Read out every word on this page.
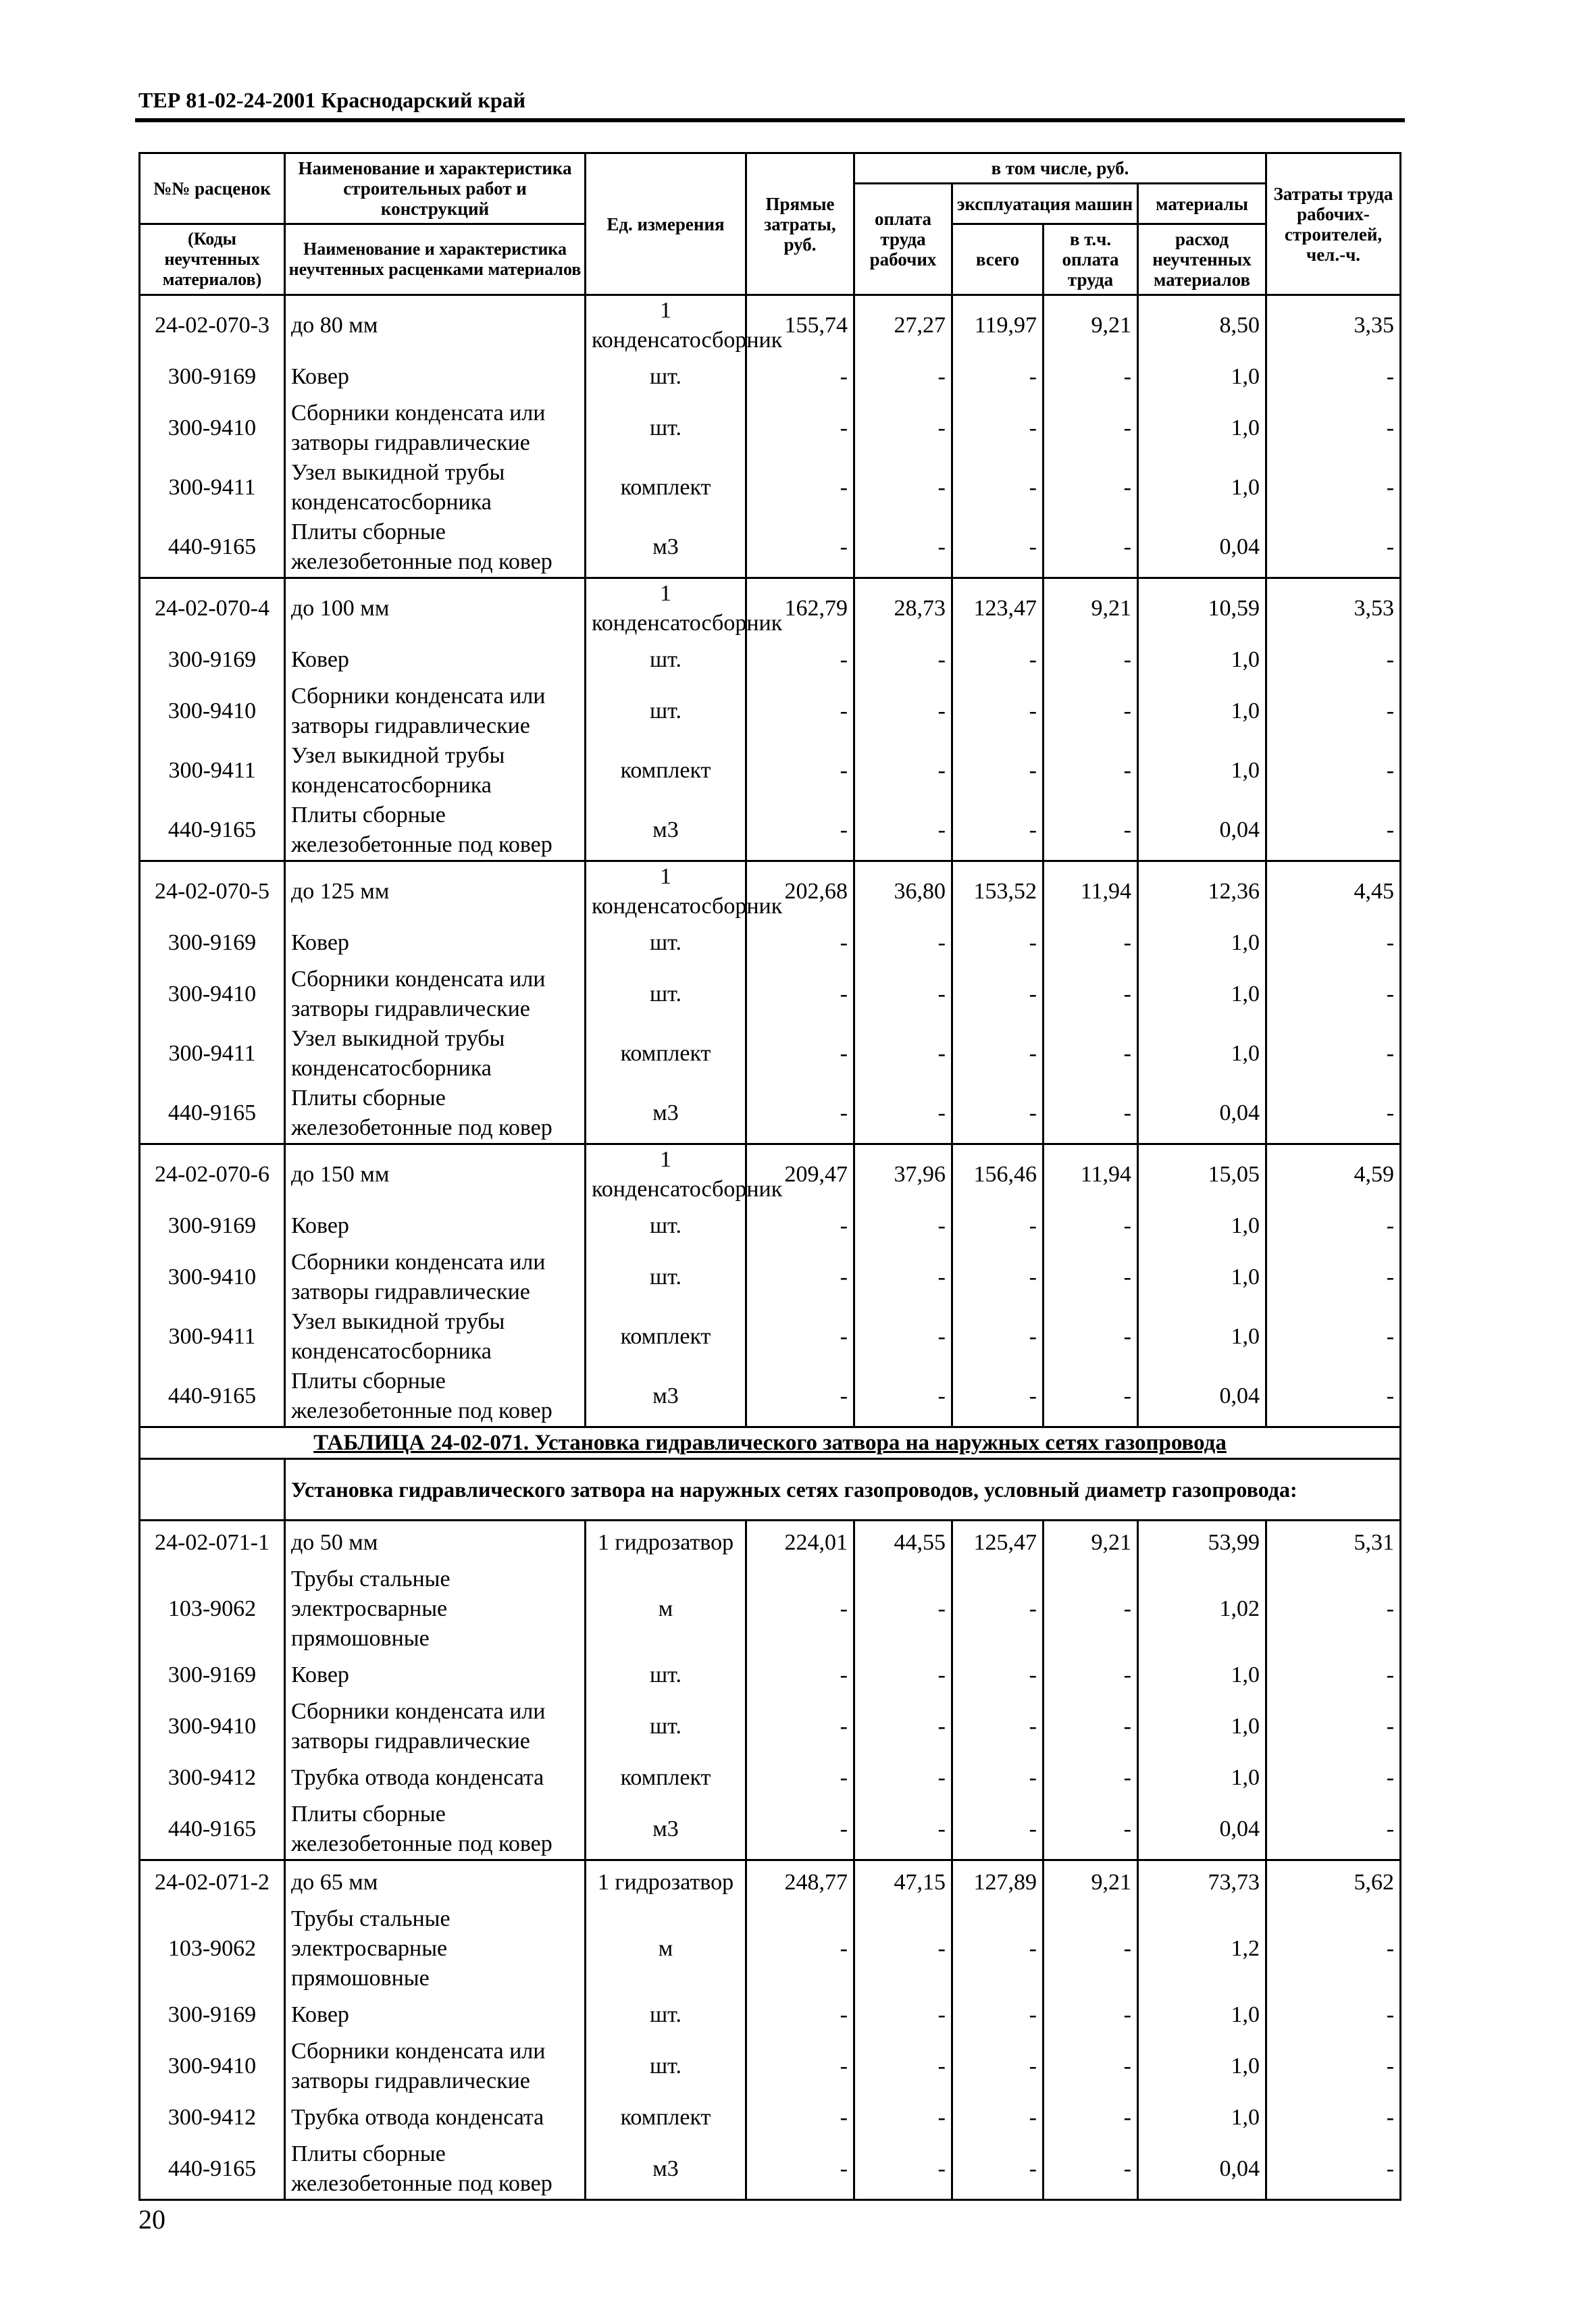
ТЕР 81-02-24-2001 Краснодарский край
№№ расценок	Наименование и характеристика строительных работ и конструкций	Ед. измерения	Прямые затраты, руб.	в том числе, руб.				Затраты труда рабочих-строителей, чел.-ч.
				оплата труда рабочих	эксплуатация машин		материалы	
(Коды неучтенных материалов)	Наименование и характеристика неучтенных расценками материалов				всего	в т.ч. оплата труда	расход неучтенных материалов	

24-02-070-3	до 80 мм	1 конденсатосборник	155,74	27,27	119,97	9,21	8,50	3,35
300-9169	Ковер	шт.	-	-	-	-	1,0	-
300-9410	Сборники конденсата или затворы гидравлические	шт.	-	-	-	-	1,0	-
300-9411	Узел выкидной трубы конденсатосборника	комплект	-	-	-	-	1,0	-
440-9165	Плиты сборные железобетонные под ковер	м3	-	-	-	-	0,04	-
24-02-070-4	до 100 мм	1 конденсатосборник	162,79	28,73	123,47	9,21	10,59	3,53
300-9169	Ковер	шт.	-	-	-	-	1,0	-
300-9410	Сборники конденсата или затворы гидравлические	шт.	-	-	-	-	1,0	-
300-9411	Узел выкидной трубы конденсатосборника	комплект	-	-	-	-	1,0	-
440-9165	Плиты сборные железобетонные под ковер	м3	-	-	-	-	0,04	-
24-02-070-5	до 125 мм	1 конденсатосборник	202,68	36,80	153,52	11,94	12,36	4,45
300-9169	Ковер	шт.	-	-	-	-	1,0	-
300-9410	Сборники конденсата или затворы гидравлические	шт.	-	-	-	-	1,0	-
300-9411	Узел выкидной трубы конденсатосборника	комплект	-	-	-	-	1,0	-
440-9165	Плиты сборные железобетонные под ковер	м3	-	-	-	-	0,04	-
24-02-070-6	до 150 мм	1 конденсатосборник	209,47	37,96	156,46	11,94	15,05	4,59
300-9169	Ковер	шт.	-	-	-	-	1,0	-
300-9410	Сборники конденсата или затворы гидравлические	шт.	-	-	-	-	1,0	-
300-9411	Узел выкидной трубы конденсатосборника	комплект	-	-	-	-	1,0	-
440-9165	Плиты сборные железобетонные под ковер	м3	-	-	-	-	0,04	-
ТАБЛИЦА 24-02-071. Установка гидравлического затвора на наружных сетях газопровода								
	Установка гидравлического затвора на наружных сетях газопроводов, условный диаметр газопровода:							
24-02-071-1	до 50 мм	1 гидрозатвор	224,01	44,55	125,47	9,21	53,99	5,31
103-9062	Трубы стальные электросварные прямошовные	м	-	-	-	-	1,02	-
300-9169	Ковер	шт.	-	-	-	-	1,0	-
300-9410	Сборники конденсата или затворы гидравлические	шт.	-	-	-	-	1,0	-
300-9412	Трубка отвода конденсата	комплект	-	-	-	-	1,0	-
440-9165	Плиты сборные железобетонные под ковер	м3	-	-	-	-	0,04	-
24-02-071-2	до 65 мм	1 гидрозатвор	248,77	47,15	127,89	9,21	73,73	5,62
103-9062	Трубы стальные электросварные прямошовные	м	-	-	-	-	1,2	-
300-9169	Ковер	шт.	-	-	-	-	1,0	-
300-9410	Сборники конденсата или затворы гидравлические	шт.	-	-	-	-	1,0	-
300-9412	Трубка отвода конденсата	комплект	-	-	-	-	1,0	-
440-9165	Плиты сборные железобетонные под ковер	м3	-	-	-	-	0,04	-
20
